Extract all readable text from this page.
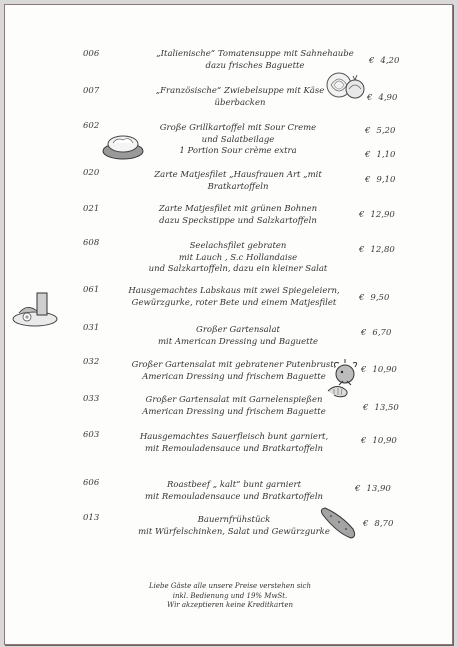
006	„Italienische“ Tomatensuppe mit Sahnehaube
dazu frisches Baguette	€ 4,20
007	„Französische“ Zwiebelsuppe mit Käse
überbacken	€ 4,90
602	Große Grillkartoffel mit Sour Creme
und Salatbeilage
1 Portion Sour crème extra
€ 5,20
€ 1,10
020	Zarte Matjesfilet „Hausfrauen Art „mit
Bratkartoffeln
€ 9,10
021	Zarte Matjesfilet mit grünen Bohnen
dazu Speckstippe und Salzkartoffeln
€ 12,90
608	Seelachsfilet gebraten
mit Lauch , S.c Hollandaise
und Salzkartoffeln, dazu ein kleiner Salat
€ 12,80
061	Hausgemachtes Labskaus mit zwei Spiegeleiern,
Gewürzgurke, roter Bete und einem Matjesfilet	€ 9,50
031	Großer Gartensalat
mit American Dressing und Baguette
€ 6,70
032	Großer Gartensalat mit gebratener Putenbrust,
American Dressing und frischem Baguette
€ 10,90
033	Großer Gartensalat mit Garnelenspießen
American Dressing und frischem Baguette	€ 13,50
603	Hausgemachtes Sauerfleisch bunt garniert,
mit Remouladensauce und Bratkartoffeln
€ 10,90
606	Roastbeef „ kalt“ bunt garniert
mit Remouladensauce und Bratkartoffeln
€ 13,90
013	Bauernfrühstück
mit Würfelschinken, Salat und Gewürzgurke
€ 8,70
Liebe Gäste alle unsere Preise verstehen sich
inkl. Bedienung und 19% MwSt.
Wir akzeptieren keine Kreditkarten
